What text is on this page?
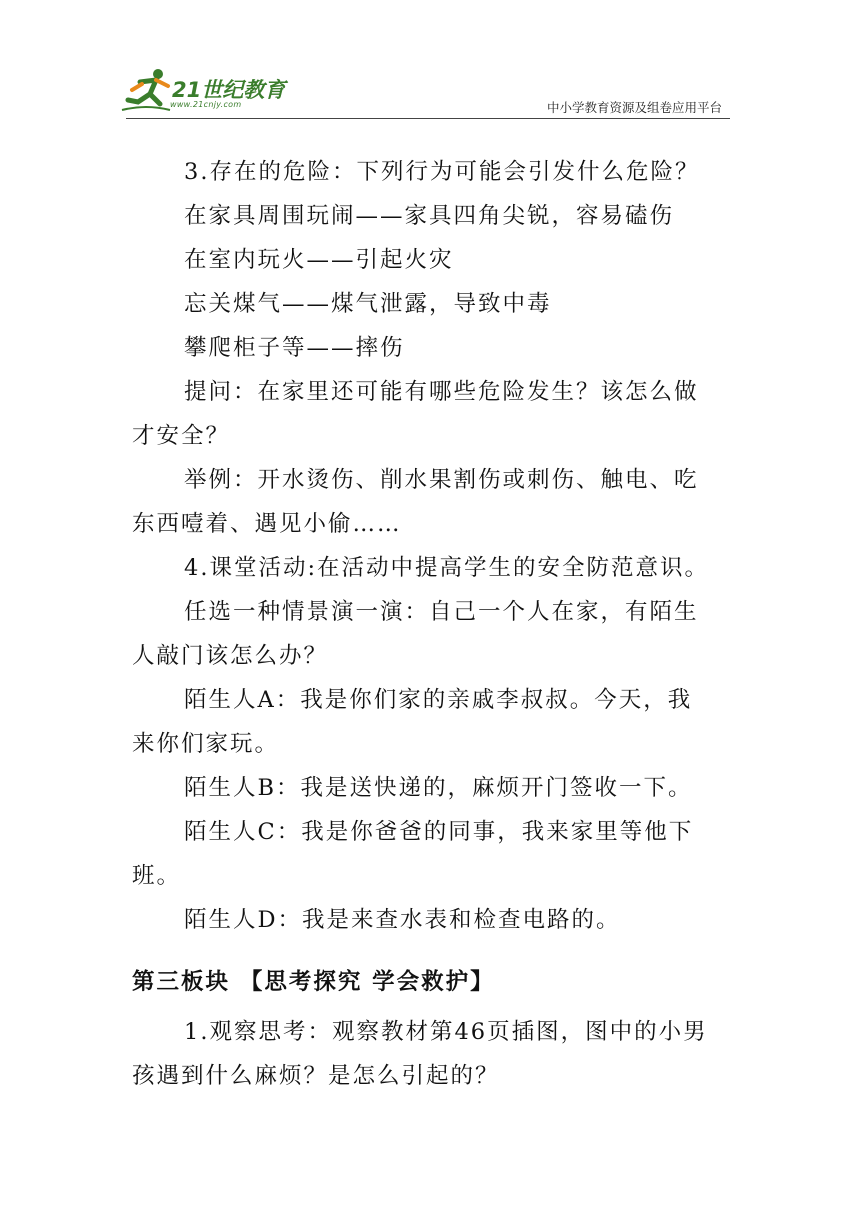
21世纪教育
www.21cnjy.com	中小学教育资源及组卷应用平台

3.存在的危险：下列行为可能会引发什么危险？

在家具周围玩闹——家具四角尖锐，容易磕伤

在室内玩火——引起火灾

忘关煤气——煤气泄露，导致中毒

攀爬柜子等——摔伤

提问：在家里还可能有哪些危险发生？该怎么做

才安全？

举例：开水烫伤、削水果割伤或刺伤、触电、吃

东西噎着、遇见小偷……

4.课堂活动:在活动中提高学生的安全防范意识。

任选一种情景演一演：自己一个人在家，有陌生

人敲门该怎么办？

陌生人A：我是你们家的亲戚李叔叔。今天，我

来你们家玩。

陌生人B：我是送快递的，麻烦开门签收一下。

陌生人C：我是你爸爸的同事，我来家里等他下

班。

陌生人D：我是来查水表和检查电路的。

第三板块 【思考探究 学会救护】

1.观察思考：观察教材第46页插图，图中的小男

孩遇到什么麻烦？是怎么引起的？
